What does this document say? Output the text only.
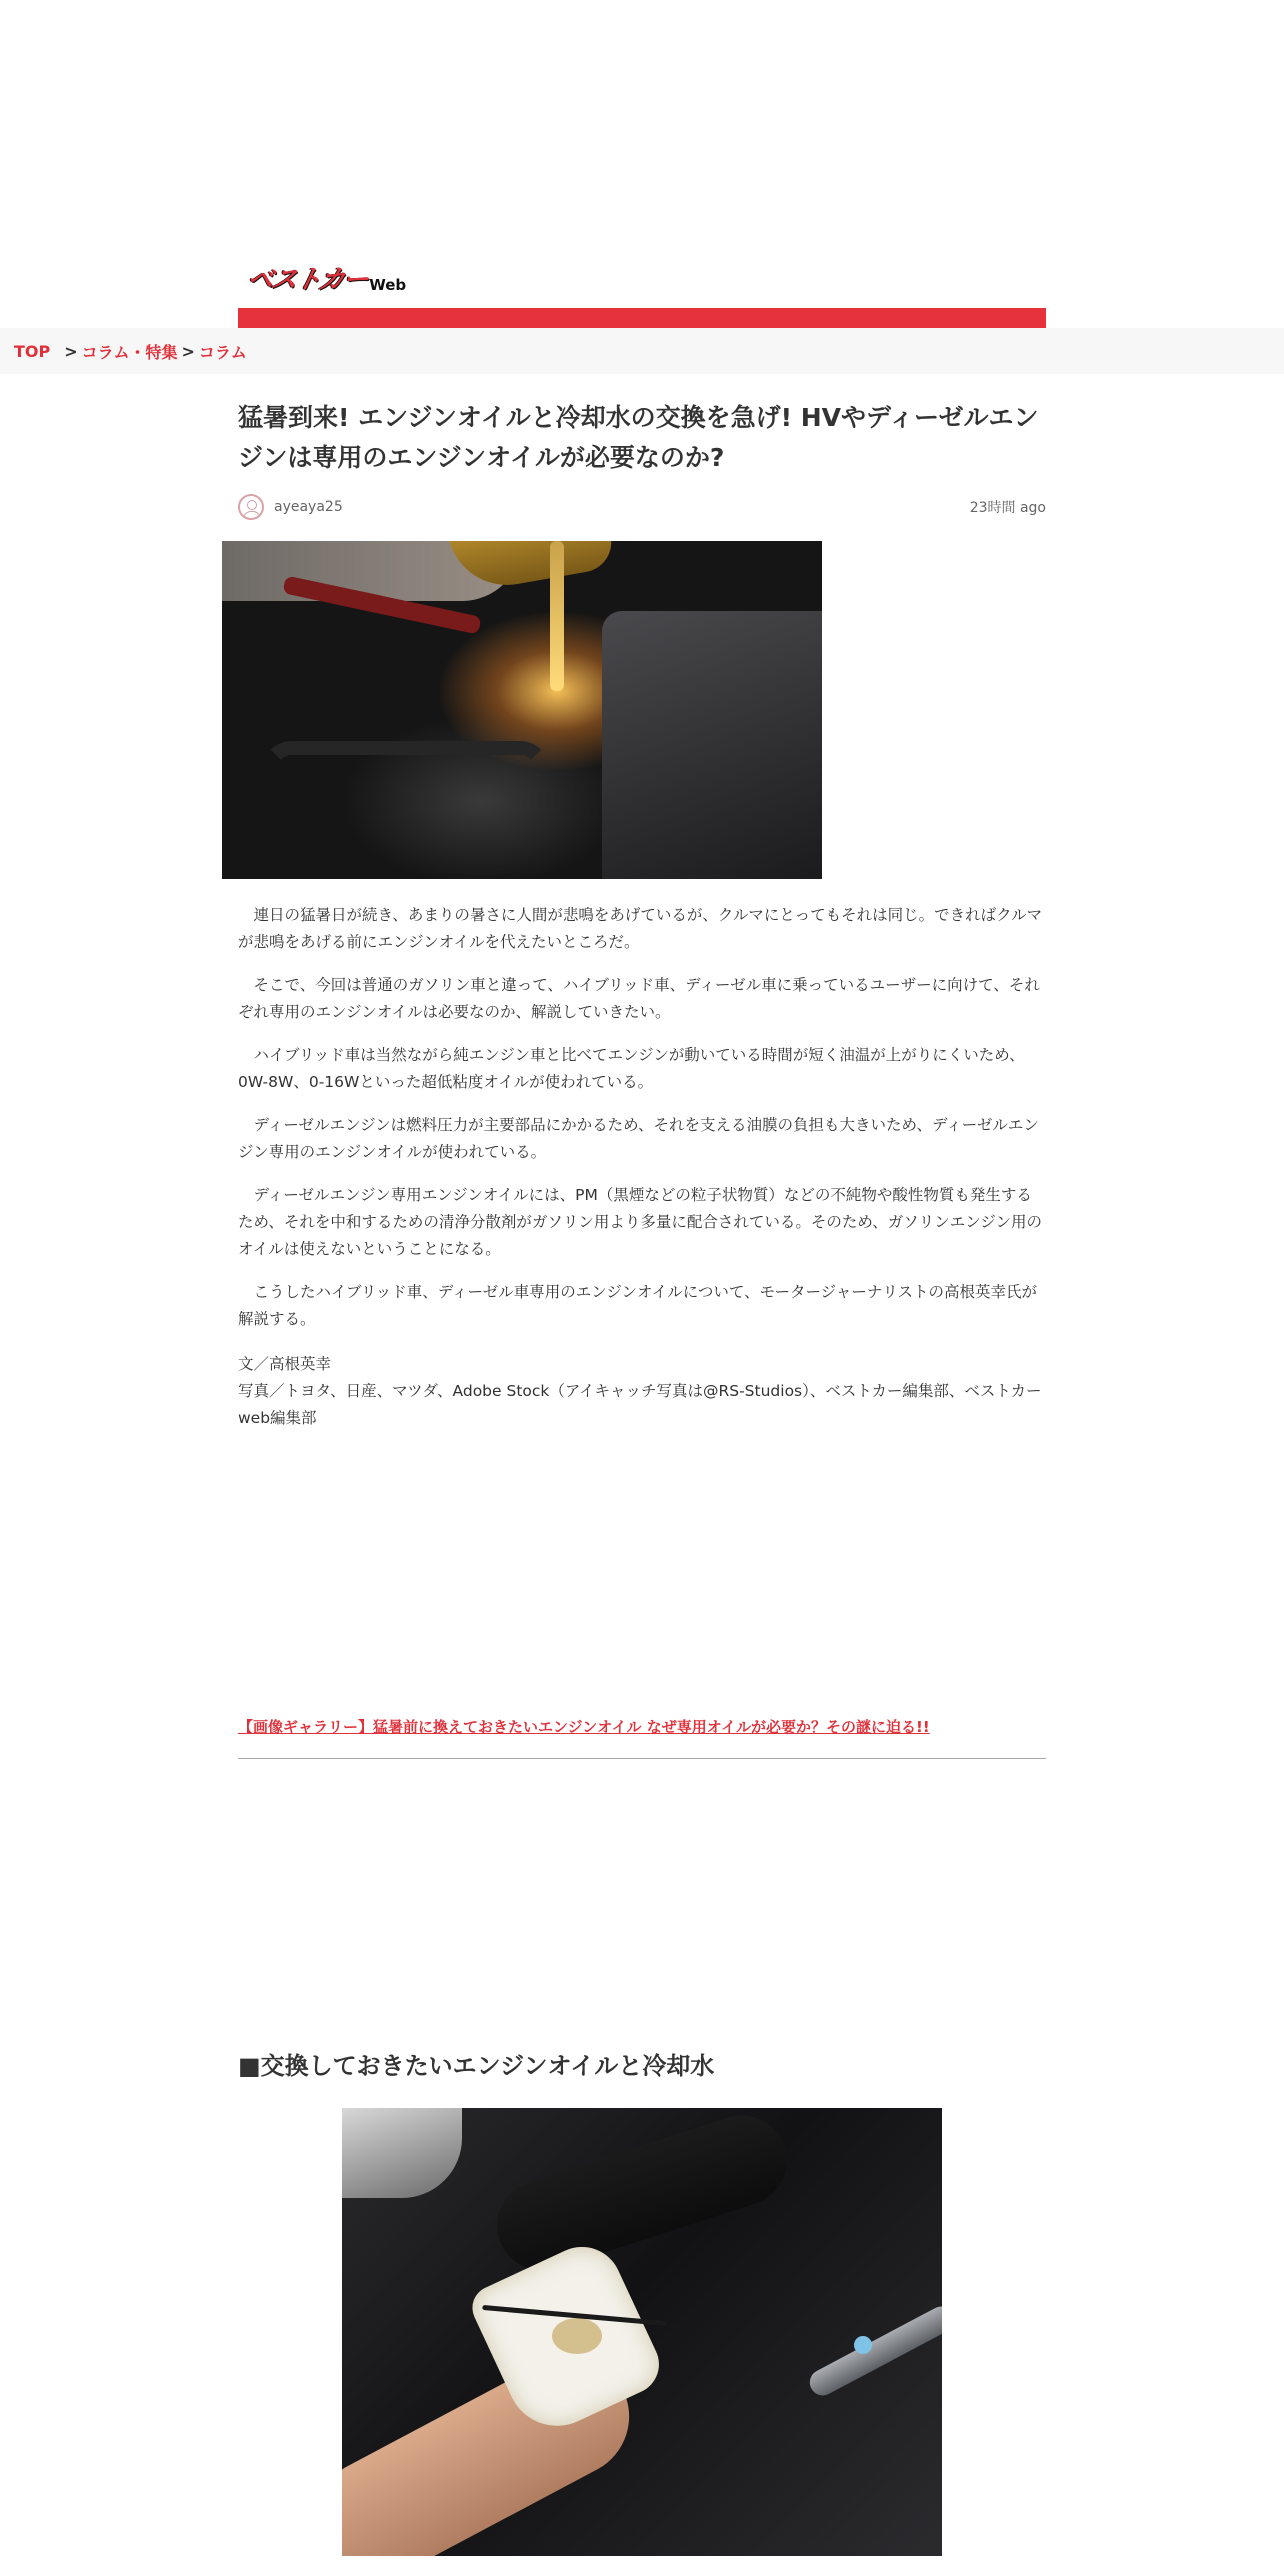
ベストカー Web
TOP > コラム・特集 > コラム
猛暑到来! エンジンオイルと冷却水の交換を急げ! HVやディーゼルエンジンは専用のエンジンオイルが必要なのか?
ayeaya25	23時間 ago

連日の猛暑日が続き、あまりの暑さに人間が悲鳴をあげているが、クルマにとってもそれは同じ。できればクルマが悲鳴をあげる前にエンジンオイルを代えたいところだ。

そこで、今回は普通のガソリン車と違って、ハイブリッド車、ディーゼル車に乗っているユーザーに向けて、それぞれ専用のエンジンオイルは必要なのか、解説していきたい。

ハイブリッド車は当然ながら純エンジン車と比べてエンジンが動いている時間が短く油温が上がりにくいため、0W-8W、0-16Wといった超低粘度オイルが使われている。

ディーゼルエンジンは燃料圧力が主要部品にかかるため、それを支える油膜の負担も大きいため、ディーゼルエンジン専用のエンジンオイルが使われている。

ディーゼルエンジン専用エンジンオイルには、PM（黒煙などの粒子状物質）などの不純物や酸性物質も発生するため、それを中和するための清浄分散剤がガソリン用より多量に配合されている。そのため、ガソリンエンジン用のオイルは使えないということになる。

こうしたハイブリッド車、ディーゼル車専用のエンジンオイルについて、モータージャーナリストの高根英幸氏が解説する。

文／高根英幸
写真／トヨタ、日産、マツダ、Adobe Stock（アイキャッチ写真は@RS-Studios）、ベストカー編集部、ベストカーweb編集部
【画像ギャラリー】猛暑前に換えておきたいエンジンオイル なぜ専用オイルが必要か？その謎に迫る!!
■交換しておきたいエンジンオイルと冷却水
